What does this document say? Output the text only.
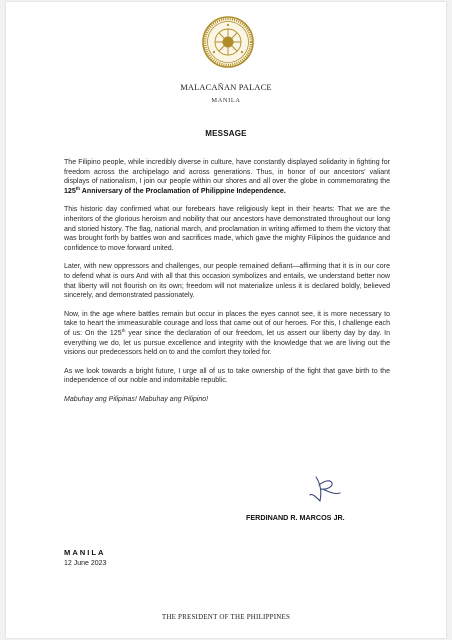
MALACAÑAN PALACE
MANILA
MESSAGE

The Filipino people, while incredibly diverse in culture, have constantly displayed solidarity in fighting for freedom across the archipelago and across generations. Thus, in honor of our ancestors' valiant displays of nationalism, I join our people within our shores and all over the globe in commemorating the 125th Anniversary of the Proclamation of Philippine Independence.

This historic day confirmed what our forebears have religiously kept in their hearts: That we are the inheritors of the glorious heroism and nobility that our ancestors have demonstrated throughout our long and storied history. The flag, national march, and proclamation in writing affirmed to them the victory that was brought forth by battles won and sacrifices made, which gave the mighty Filipinos the guidance and confidence to move forward united.

Later, with new oppressors and challenges, our people remained defiant—affirming that it is in our core to defend what is ours And with all that this occasion symbolizes and entails, we understand better now that liberty will not flourish on its own; freedom will not materialize unless it is declared boldly, believed sincerely, and demonstrated passionately.

Now, in the age where battles remain but occur in places the eyes cannot see, it is more necessary to take to heart the immeasurable courage and loss that came out of our heroes. For this, I challenge each of us: On the 125th year since the declaration of our freedom, let us assert our liberty day by day. In everything we do, let us pursue excellence and integrity with the knowledge that we are living out the visions our predecessors held on to and the comfort they toiled for.

As we look towards a bright future, I urge all of us to take ownership of the fight that gave birth to the independence of our noble and indomitable republic.

Mabuhay ang Pilipinas! Mabuhay ang Pilipino!

FERDINAND R. MARCOS JR.
MANILA
12 June 2023
THE PRESIDENT OF THE PHILIPPINES
